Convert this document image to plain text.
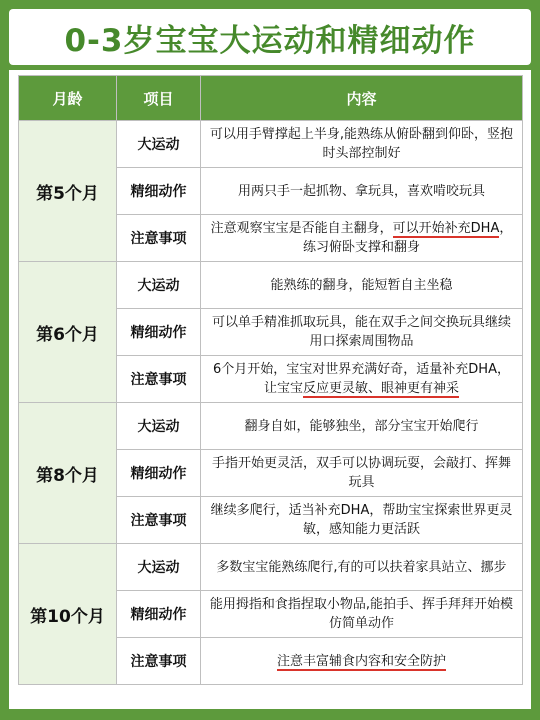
0-3岁宝宝大运动和精细动作
月龄	项目	内容
第5个月	大运动	可以用手臂撑起上半身,能熟练从俯卧翻到仰卧，竖抱时头部控制好
	精细动作	用两只手一起抓物、拿玩具，喜欢啃咬玩具
	注意事项	注意观察宝宝是否能自主翻身，可以开始补充DHA，练习俯卧支撑和翻身
第6个月	大运动	能熟练的翻身，能短暂自主坐稳
	精细动作	可以单手精准抓取玩具，能在双手之间交换玩具继续用口探索周围物品
	注意事项	6个月开始，宝宝对世界充满好奇，适量补充DHA，让宝宝反应更灵敏、眼神更有神采
第8个月	大运动	翻身自如，能够独坐，部分宝宝开始爬行
	精细动作	手指开始更灵活，双手可以协调玩耍，会敲打、挥舞玩具
	注意事项	继续多爬行，适当补充DHA，帮助宝宝探索世界更灵敏，感知能力更活跃
第10个月	大运动	多数宝宝能熟练爬行,有的可以扶着家具站立、挪步
	精细动作	能用拇指和食指捏取小物品,能拍手、挥手拜拜开始模仿简单动作
	注意事项	注意丰富辅食内容和安全防护
